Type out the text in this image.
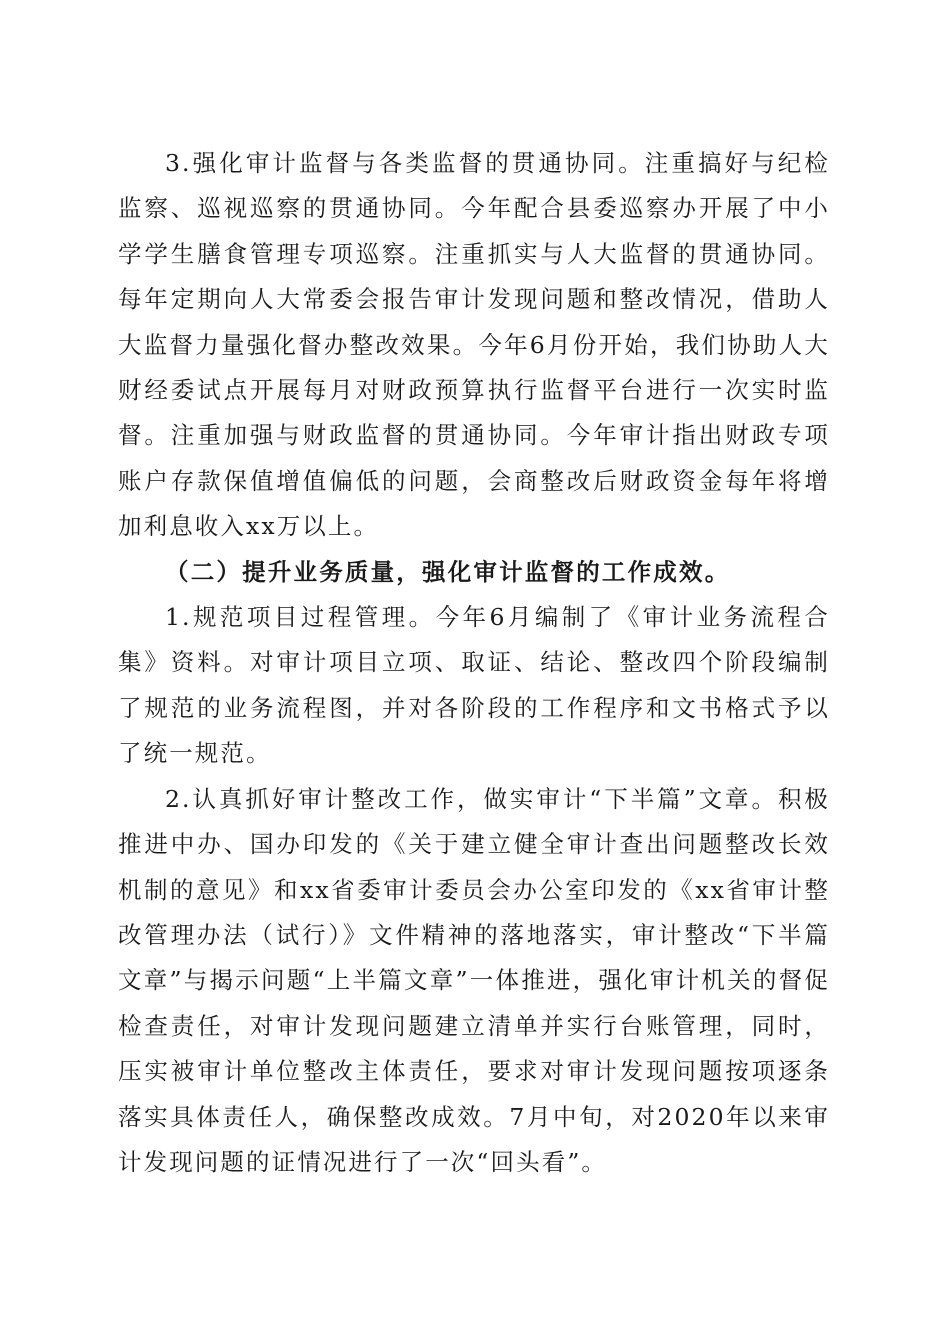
3.强化审计监督与各类监督的贯通协同。注重搞好与纪检监察、巡视巡察的贯通协同。今年配合县委巡察办开展了中小学学生膳食管理专项巡察。注重抓实与人大监督的贯通协同。每年定期向人大常委会报告审计发现问题和整改情况，借助人大监督力量强化督办整改效果。今年6月份开始，我们协助人大财经委试点开展每月对财政预算执行监督平台进行一次实时监督。注重加强与财政监督的贯通协同。今年审计指出财政专项账户存款保值增值偏低的问题，会商整改后财政资金每年将增加利息收入xx万以上。

（二）提升业务质量，强化审计监督的工作成效。

1.规范项目过程管理。今年6月编制了《审计业务流程合集》资料。对审计项目立项、取证、结论、整改四个阶段编制了规范的业务流程图，并对各阶段的工作程序和文书格式予以了统一规范。

2.认真抓好审计整改工作，做实审计“下半篇”文章。积极推进中办、国办印发的《关于建立健全审计查出问题整改长效机制的意见》和xx省委审计委员会办公室印发的《xx省审计整改管理办法（试行）》文件精神的落地落实，审计整改“下半篇文章”与揭示问题“上半篇文章”一体推进，强化审计机关的督促检查责任，对审计发现问题建立清单并实行台账管理，同时，压实被审计单位整改主体责任，要求对审计发现问题按项逐条落实具体责任人，确保整改成效。7月中旬，对2020年以来审计发现问题的证情况进行了一次“回头看”。
